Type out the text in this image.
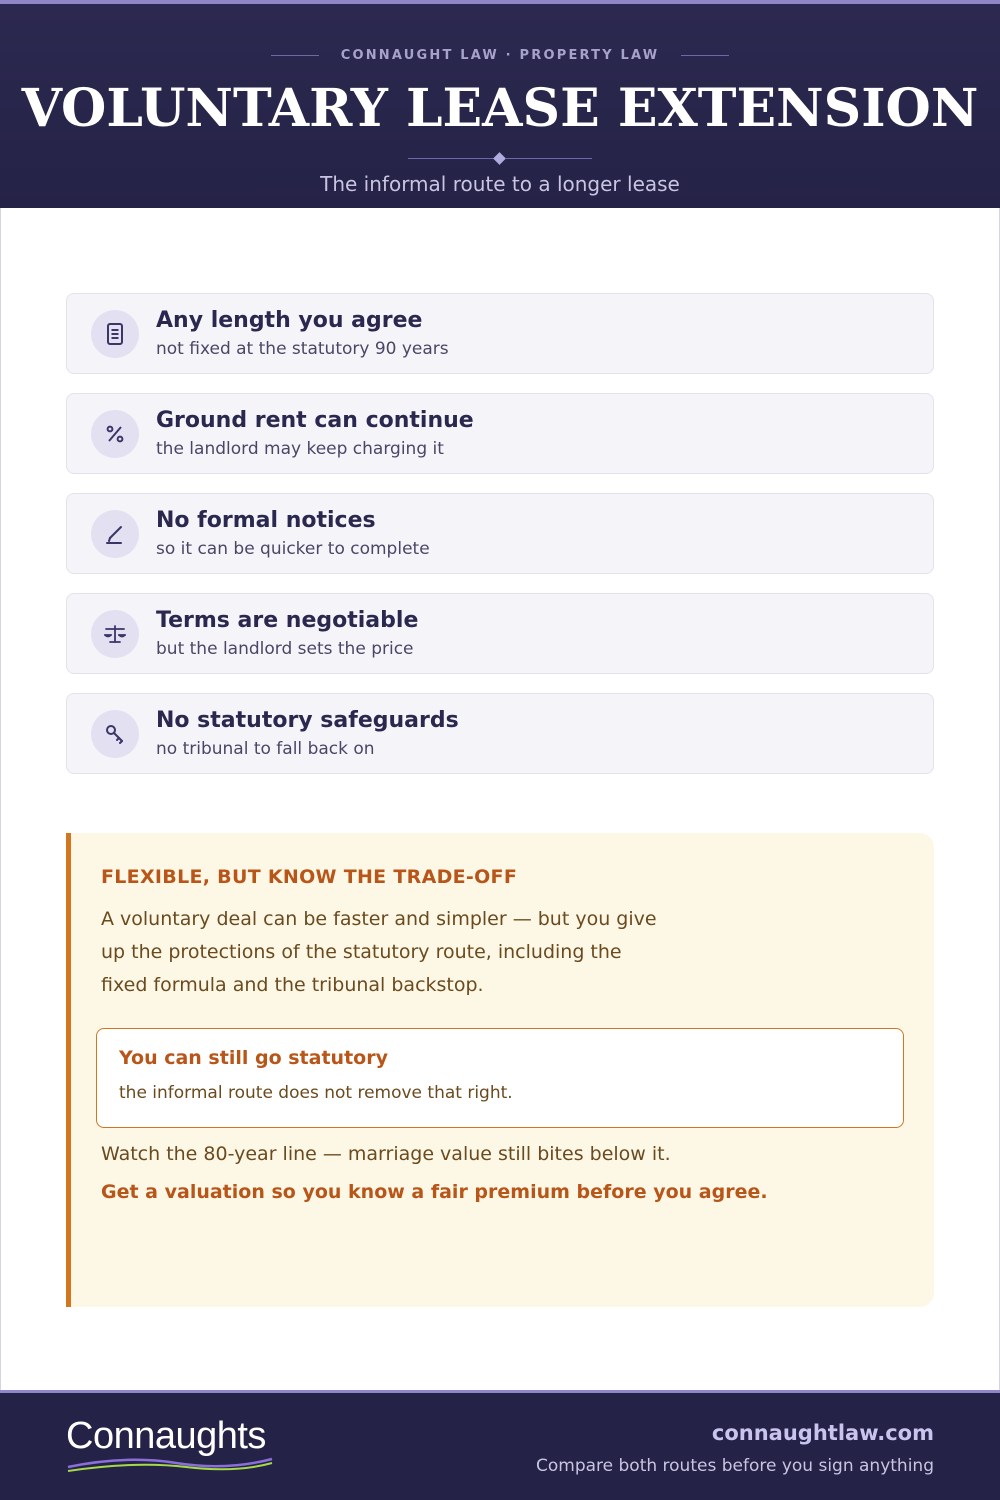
CONNAUGHT LAW · PROPERTY LAW
VOLUNTARY LEASE EXTENSION

The informal route to a longer lease

Any length you agree
not fixed at the statutory 90 years
Ground rent can continue
the landlord may keep charging it
No formal notices
so it can be quicker to complete
Terms are negotiable
but the landlord sets the price
No statutory safeguards
no tribunal to fall back on
FLEXIBLE, BUT KNOW THE TRADE-OFF
A voluntary deal can be faster and simpler — but you give
up the protections of the statutory route, including the
fixed formula and the tribunal backstop.
You can still go statutory
the informal route does not remove that right.

Watch the 80-year line — marriage value still bites below it.

Get a valuation so you know a fair premium before you agree.

Connaughts	connaughtlaw.com

Compare both routes before you sign anything
